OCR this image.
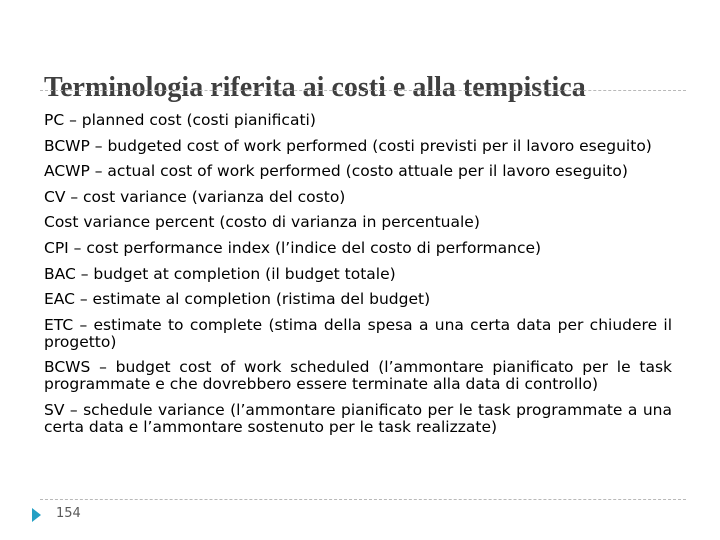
Terminologia riferita ai costi e alla tempistica
PC – planned cost (costi pianificati)
BCWP – budgeted cost of work performed (costi previsti per il lavoro eseguito)
ACWP – actual cost of work performed (costo attuale per il lavoro eseguito)
CV – cost variance (varianza del costo)
Cost variance percent (costo di varianza in percentuale)
CPI – cost performance index (l’indice del costo di performance)
BAC – budget at completion (il budget totale)
EAC – estimate al completion (ristima del budget)
ETC – estimate to complete (stima della spesa a una certa data per chiudere il progetto)
BCWS – budget cost of work scheduled (l’ammontare pianificato per le task programmate e che dovrebbero essere terminate alla data di controllo)
SV – schedule variance (l’ammontare pianificato per le task programmate a una certa data e l’ammontare sostenuto per le task realizzate)
154
